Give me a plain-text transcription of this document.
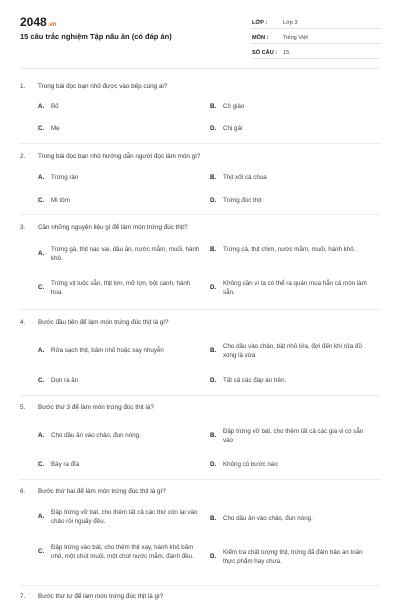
2048.vn
15 câu trắc nghiệm Tập nấu ăn (có đáp án)
LỚP :	Lớp 3
MÔN :	Tiếng Việt
SỐ CÂU :	15
1.	Trong bài đọc bạn nhỏ được vào bếp cùng ai?
A.	Bố	B.	Cô giáo
C.	Mẹ	D.	Chị gái
2.	Trong bài đọc bạn nhỏ hướng dẫn người đọc làm món gì?
A.	Trứng rán	B.	Thịt xốt cà chua
C.	Mì tôm	D.	Trứng đúc thịt
3.	Cần những nguyên liệu gì để làm món trứng đúc thịt?
A.
Trứng gà, thịt nạc vai, dầu ăn, nước mắm, muối, hành khô.
B.	Trứng cá, thịt chim, nước mắm, muối, hành khô.
C.
Trứng vịt luộc sẵn, thịt lợn, mỡ lợn, bột canh, hành hoa.
D.
Không cần vì ta có thể ra quán mua hẳn cả món làm sẵn.
4.	Bước đầu tiên để làm món trứng đúc thịt là gì?
A.	Rửa sạch thịt, băm nhỏ hoặc xay nhuyễn	B.
Cho dầu vào chảo, bật nhỏ lửa, đợi đến khi rửa đồ xong là vừa
C.	Dọn ra ăn	D.	Tất cả các đáp án trên.
5.	Bước thứ 3 để làm món trứng đúc thịt là?
A.	Cho dầu ăn vào chảo, đun nóng.	B.
Đập trứng vỡ bát, cho thêm tất cả các gia vị có sẵn vào
C.	Bày ra đĩa	D.	Không có bước nào
6.	Bước thứ hai để làm món trứng đúc thịt là gì?
A.
Đập trứng vỡ bát, cho thêm tất cả các thứ còn lại vào chảo rồi nguấy đều.	B.	Cho dầu ăn vào chảo, đun nóng.
C.
Đập trứng vào bát, cho thêm thịt xay, hành khô băm nhỏ, một chút muối, một chút nước mắm, đánh đều.	D.
Kiểm tra chất lượng thịt, trứng đã đảm bảo an toàn thực phẩm hay chưa.
7.	Bước thứ tư để làm món trứng đúc thịt là gì?
